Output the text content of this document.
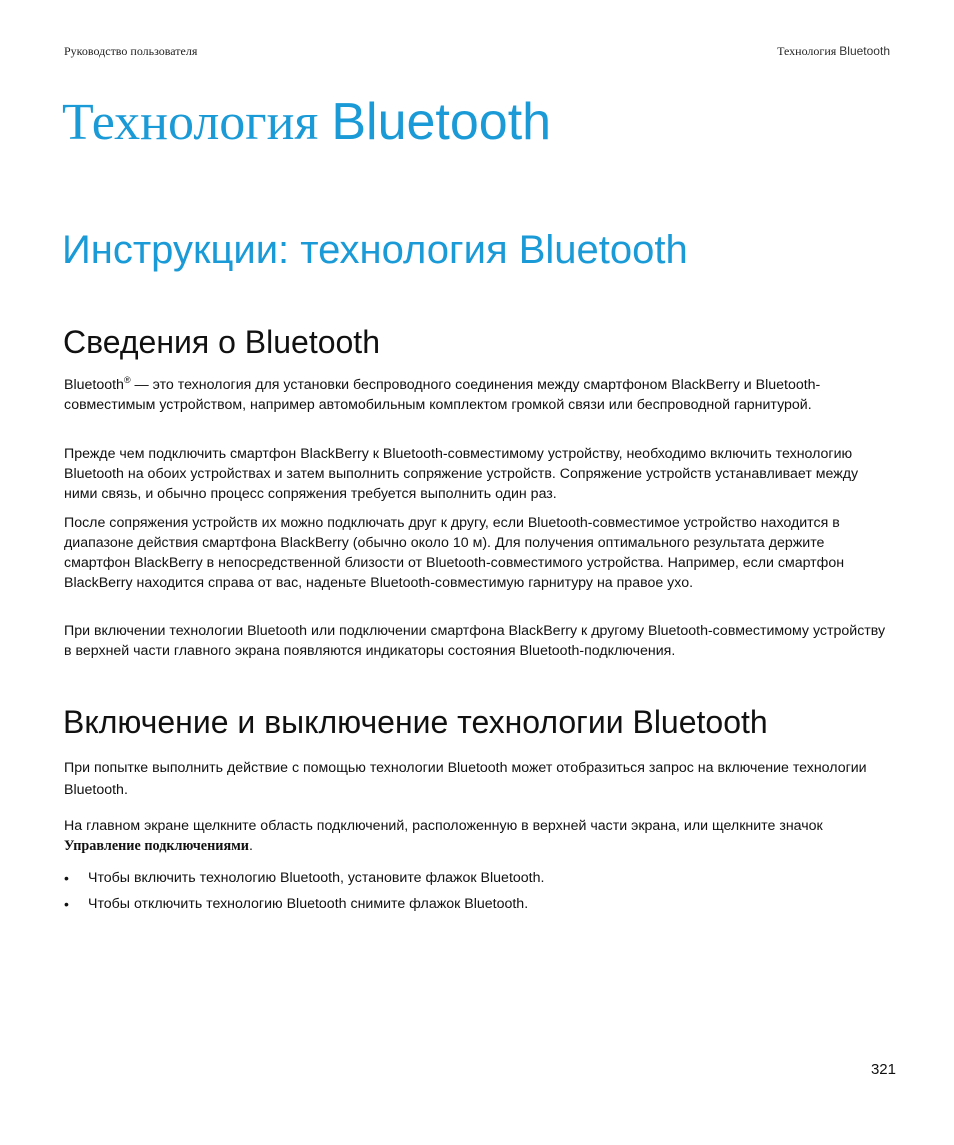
Руководство пользователя	Технология Bluetooth
Технология Bluetooth
Инструкции: технология Bluetooth
Сведения о Bluetooth

Bluetooth® — это технология для установки беспроводного соединения между смартфоном BlackBerry и Bluetooth-совместимым устройством, например автомобильным комплектом громкой связи или беспроводной гарнитурой.

Прежде чем подключить смартфон BlackBerry к Bluetooth-совместимому устройству, необходимо включить технологию Bluetooth на обоих устройствах и затем выполнить сопряжение устройств. Сопряжение устройств устанавливает между ними связь, и обычно процесс сопряжения требуется выполнить один раз.

После сопряжения устройств их можно подключать друг к другу, если Bluetooth-совместимое устройство находится в диапазоне действия смартфона BlackBerry (обычно около 10 м). Для получения оптимального результата держите смартфон BlackBerry в непосредственной близости от Bluetooth-совместимого устройства. Например, если смартфон BlackBerry находится справа от вас, наденьте Bluetooth-совместимую гарнитуру на правое ухо.

При включении технологии Bluetooth или подключении смартфона BlackBerry к другому Bluetooth-совместимому устройству в верхней части главного экрана появляются индикаторы состояния Bluetooth-подключения.

Включение и выключение технологии Bluetooth

При попытке выполнить действие с помощью технологии Bluetooth может отобразиться запрос на включение технологии Bluetooth.

На главном экране щелкните область подключений, расположенную в верхней части экрана, или щелкните значок Управление подключениями.

• Чтобы включить технологию Bluetooth, установите флажок Bluetooth.
• Чтобы отключить технологию Bluetooth снимите флажок Bluetooth.
321
